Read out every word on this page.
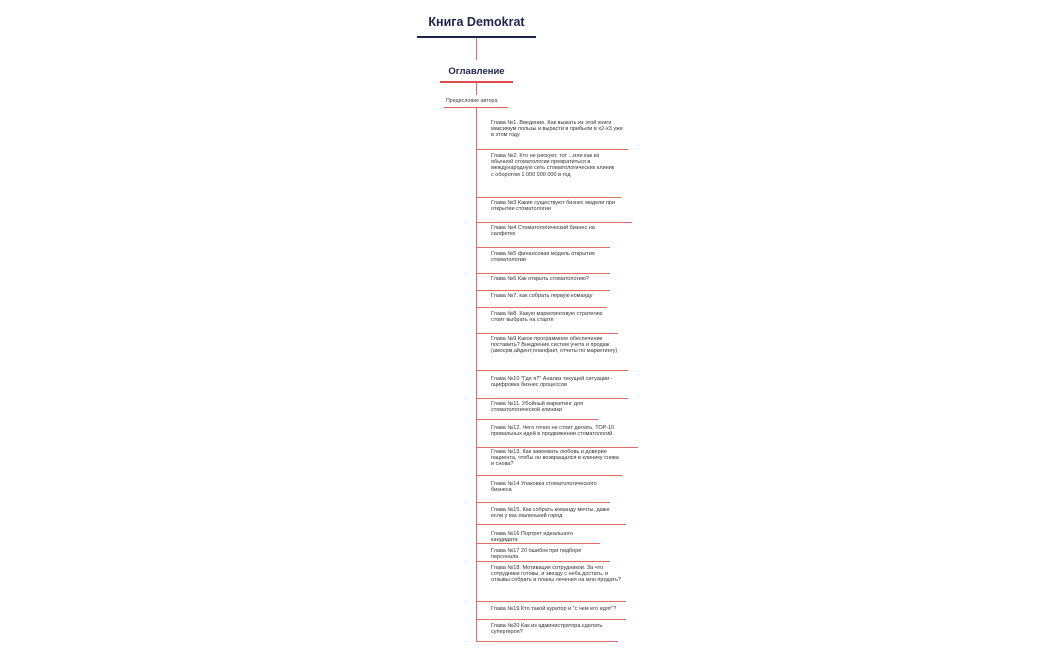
Книга Demokrat
Оглавление
Предисловие автора
Глава №1. Введение. Как выжать из этой книги максимум пользы и вырасти в прибыли в х2-х3 уже в этом году
Глава №2. Кто не рискует, тот ...или как из обычной стоматологии превратиться в международную сеть стоматологических клиник с оборотом 1 000 000 000 в год
Глава №3 Какие существуют бизнес модели при открытии стоматологии
Глава №4 Стоматологический бизнес на салфетке
Глава №5 финансовая модель открытия стоматологии
Глава №6 Как открыть стоматологию?
Глава №7. как собрать первую команду
Глава №8. Какую маркетинговую стратегию стоит выбрать на старте
Глава №9 Какое программное обеспечение поставить? Внедрение систем учета и продаж (амосрм,айдент,планфакт, отчеты по маркетингу)
Глава №10 "Где я?" Анализ текущей ситуации - оцифровка бизнес процессов
Глава №11. Убойный маркетинг для стоматологической клиники
Глава №12. Чего точно не стоит делать. ТОР-10 провальных идей в продвижении стоматологий.
Глава №13. Как завоевать любовь и доверие пациента, чтобы он возвращался в клинику снова и снова?
Глава №14 Упаковка стоматологического бизнеса
Глава №15. Как собрать команду мечты, даже если у вас маленький город
Глава №16 Портрет идеального кандидата
Глава №17 20 ошибок при подборе персонала
Глава №18. Мотивация сотрудников. За что сотрудники готовы, и звезду с неба достать, и отзывы собрать и планы лечения на млн продать?
Глава №19 Кто такой куратор и "с чем его едят"?
Глава №20 Как из администратора сделать супергероя?
